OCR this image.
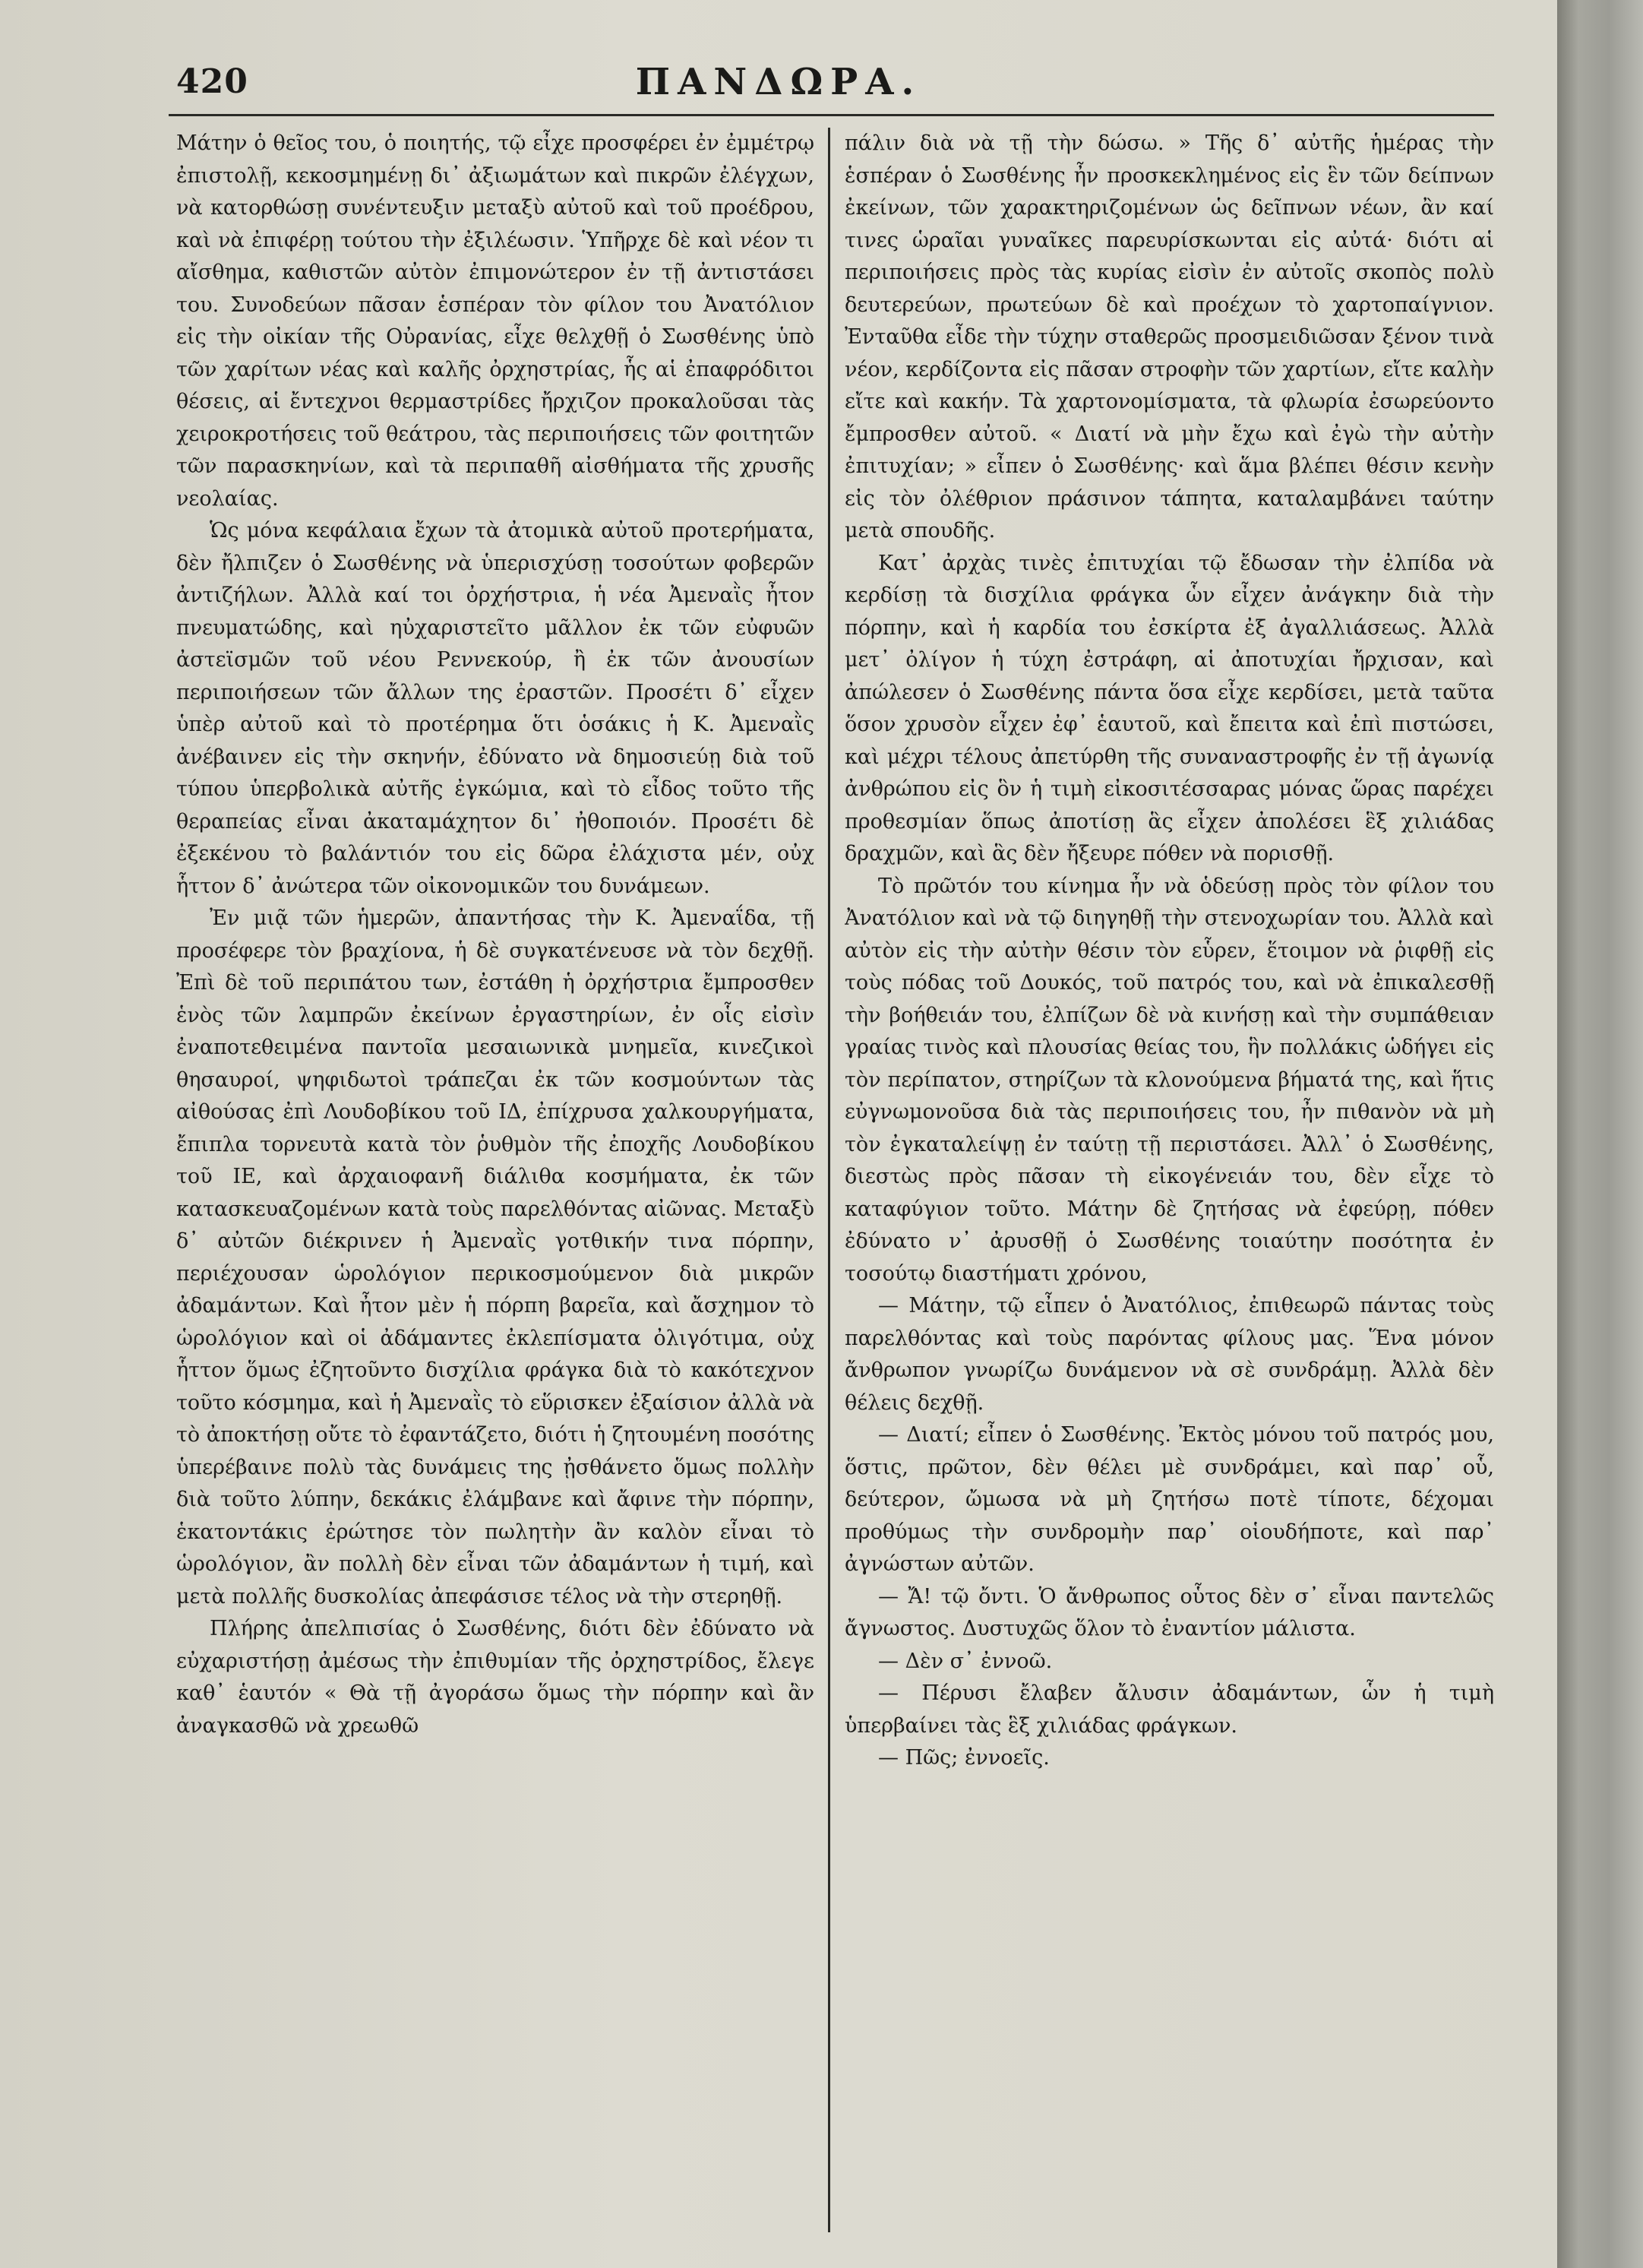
420	ΠΑΝΔΩΡΑ.

Μάτην ὁ θεῖος του, ὁ ποιητής, τῷ εἶχε προσφέρει ἐν ἐμμέτρῳ ἐπιστολῇ, κεκοσμημένῃ δι᾽ ἀξιωμάτων καὶ πικρῶν ἐλέγχων, νὰ κατορθώσῃ συνέντευξιν μεταξὺ αὐτοῦ καὶ τοῦ προέδρου, καὶ νὰ ἐπιφέρῃ τούτου τὴν ἐξιλέωσιν. Ὑπῆρχε δὲ καὶ νέον τι αἴσθημα, καθιστῶν αὐτὸν ἐπιμονώτερον ἐν τῇ ἀντιστάσει του. Συνοδεύων πᾶσαν ἑσπέραν τὸν φίλον του Ἀνατόλιον εἰς τὴν οἰκίαν τῆς Οὐρανίας, εἶχε θελχθῇ ὁ Σωσθένης ὑπὸ τῶν χαρίτων νέας καὶ καλῆς ὀρχηστρίας, ἧς αἱ ἐπαφρόδιτοι θέσεις, αἱ ἔντεχνοι θερμαστρίδες ἤρχιζον προκαλοῦσαι τὰς χειροκροτήσεις τοῦ θεάτρου, τὰς περιποιήσεις τῶν φοιτητῶν τῶν παρασκηνίων, καὶ τὰ περιπαθῆ αἰσθήματα τῆς χρυσῆς νεολαίας.

Ὡς μόνα κεφάλαια ἔχων τὰ ἀτομικὰ αὐτοῦ προτερήματα, δὲν ἤλπιζεν ὁ Σωσθένης νὰ ὑπερισχύσῃ τοσούτων φοβερῶν ἀντιζήλων. Ἀλλὰ καί τοι ὀρχήστρια, ἡ νέα Ἀμεναῒς ἦτον πνευματώδης, καὶ ηὐχαριστεῖτο μᾶλλον ἐκ τῶν εὐφυῶν ἀστεϊσμῶν τοῦ νέου Ρεννεκούρ, ἢ ἐκ τῶν ἀνουσίων περιποιήσεων τῶν ἄλλων της ἐραστῶν. Προσέτι δ᾽ εἶχεν ὑπὲρ αὐτοῦ καὶ τὸ προτέρημα ὅτι ὁσάκις ἡ Κ. Ἀμεναῒς ἀνέβαινεν εἰς τὴν σκηνήν, ἐδύνατο νὰ δημοσιεύῃ διὰ τοῦ τύπου ὑπερβολικὰ αὐτῆς ἐγκώμια, καὶ τὸ εἶδος τοῦτο τῆς θεραπείας εἶναι ἀκαταμάχητον δι᾽ ἠθοποιόν. Προσέτι δὲ ἐξεκένου τὸ βαλάντιόν του εἰς δῶρα ἐλάχιστα μέν, οὐχ ἧττον δ᾽ ἀνώτερα τῶν οἰκονομικῶν του δυνάμεων.

Ἐν μιᾷ τῶν ἡμερῶν, ἀπαντήσας τὴν Κ. Ἀμεναΐδα, τῇ προσέφερε τὸν βραχίονα, ἡ δὲ συγκατένευσε νὰ τὸν δεχθῇ. Ἐπὶ δὲ τοῦ περιπάτου των, ἐστάθη ἡ ὀρχήστρια ἔμπροσθεν ἑνὸς τῶν λαμπρῶν ἐκείνων ἐργαστηρίων, ἐν οἷς εἰσὶν ἐναποτεθειμένα παντοῖα μεσαιωνικὰ μνημεῖα, κινεζικοὶ θησαυροί, ψηφιδωτοὶ τράπεζαι ἐκ τῶν κοσμούντων τὰς αἰθούσας ἐπὶ Λουδοβίκου τοῦ ΙΔ, ἐπίχρυσα χαλκουργήματα, ἔπιπλα τορνευτὰ κατὰ τὸν ῥυθμὸν τῆς ἐποχῆς Λουδοβίκου τοῦ ΙΕ, καὶ ἀρχαιοφανῆ διάλιθα κοσμήματα, ἐκ τῶν κατασκευαζομένων κατὰ τοὺς παρελθόντας αἰῶνας. Μεταξὺ δ᾽ αὐτῶν διέκρινεν ἡ Ἀμεναῒς γοτθικήν τινα πόρπην, περιέχουσαν ὡρολόγιον περικοσμούμενον διὰ μικρῶν ἀδαμάντων. Καὶ ἦτον μὲν ἡ πόρπη βαρεῖα, καὶ ἄσχημον τὸ ὡρολόγιον καὶ οἱ ἀδάμαντες ἐκλεπίσματα ὀλιγότιμα, οὐχ ἧττον ὅμως ἐζητοῦντο δισχίλια φράγκα διὰ τὸ κακότεχνον τοῦτο κόσμημα, καὶ ἡ Ἀμεναῒς τὸ εὕρισκεν ἐξαίσιον ἀλλὰ νὰ τὸ ἀποκτήσῃ οὔτε τὸ ἐφαντάζετο, διότι ἡ ζητουμένη ποσότης ὑπερέβαινε πολὺ τὰς δυνάμεις της ᾐσθάνετο ὅμως πολλὴν διὰ τοῦτο λύπην, δεκάκις ἐλάμβανε καὶ ἄφινε τὴν πόρπην, ἑκατοντάκις ἐρώτησε τὸν πωλητὴν ἂν καλὸν εἶναι τὸ ὡρολόγιον, ἂν πολλὴ δὲν εἶναι τῶν ἀδαμάντων ἡ τιμή, καὶ μετὰ πολλῆς δυσκολίας ἀπεφάσισε τέλος νὰ τὴν στερηθῇ.

Πλήρης ἀπελπισίας ὁ Σωσθένης, διότι δὲν ἐδύνατο νὰ εὐχαριστήσῃ ἀμέσως τὴν ἐπιθυμίαν τῆς ὀρχηστρίδος, ἔλεγε καθ᾽ ἑαυτόν « Θὰ τῇ ἀγοράσω ὅμως τὴν πόρπην καὶ ἂν ἀναγκασθῶ νὰ χρεωθῶ

πάλιν διὰ νὰ τῇ τὴν δώσω. » Τῆς δ᾽ αὐτῆς ἡμέρας τὴν ἑσπέραν ὁ Σωσθένης ἦν προσκεκλημένος εἰς ἓν τῶν δείπνων ἐκείνων, τῶν χαρακτηριζομένων ὡς δεῖπνων νέων, ἂν καί τινες ὡραῖαι γυναῖκες παρευρίσκωνται εἰς αὐτά· διότι αἱ περιποιήσεις πρὸς τὰς κυρίας εἰσὶν ἐν αὐτοῖς σκοπὸς πολὺ δευτερεύων, πρωτεύων δὲ καὶ προέχων τὸ χαρτοπαίγνιον. Ἐνταῦθα εἶδε τὴν τύχην σταθερῶς προσμειδιῶσαν ξένον τινὰ νέον, κερδίζοντα εἰς πᾶσαν στροφὴν τῶν χαρτίων, εἴτε καλὴν εἴτε καὶ κακήν. Τὰ χαρτονομίσματα, τὰ φλωρία ἐσωρεύοντο ἔμπροσθεν αὐτοῦ. « Διατί νὰ μὴν ἔχω καὶ ἐγὼ τὴν αὐτὴν ἐπιτυχίαν; » εἶπεν ὁ Σωσθένης· καὶ ἅμα βλέπει θέσιν κενὴν εἰς τὸν ὀλέθριον πράσινον τάπητα, καταλαμβάνει ταύτην μετὰ σπουδῆς.

Κατ᾽ ἀρχὰς τινὲς ἐπιτυχίαι τῷ ἔδωσαν τὴν ἐλπίδα νὰ κερδίσῃ τὰ δισχίλια φράγκα ὧν εἶχεν ἀνάγκην διὰ τὴν πόρπην, καὶ ἡ καρδία του ἐσκίρτα ἐξ ἀγαλλιάσεως. Ἀλλὰ μετ᾽ ὀλίγον ἡ τύχη ἐστράφη, αἱ ἀποτυχίαι ἤρχισαν, καὶ ἀπώλεσεν ὁ Σωσθένης πάντα ὅσα εἶχε κερδίσει, μετὰ ταῦτα ὅσον χρυσὸν εἶχεν ἐφ᾽ ἑαυτοῦ, καὶ ἔπειτα καὶ ἐπὶ πιστώσει, καὶ μέχρι τέλους ἀπετύρθη τῆς συναναστροφῆς ἐν τῇ ἀγωνίᾳ ἀνθρώπου εἰς ὃν ἡ τιμὴ εἰκοσιτέσσαρας μόνας ὥρας παρέχει προθεσμίαν ὅπως ἀποτίσῃ ἃς εἶχεν ἀπολέσει ἓξ χιλιάδας δραχμῶν, καὶ ἃς δὲν ἤξευρε πόθεν νὰ πορισθῇ.

Τὸ πρῶτόν του κίνημα ἦν νὰ ὁδεύσῃ πρὸς τὸν φίλον του Ἀνατόλιον καὶ νὰ τῷ διηγηθῇ τὴν στενοχωρίαν του. Ἀλλὰ καὶ αὐτὸν εἰς τὴν αὐτὴν θέσιν τὸν εὗρεν, ἕτοιμον νὰ ῥιφθῇ εἰς τοὺς πόδας τοῦ Δουκός, τοῦ πατρός του, καὶ νὰ ἐπικαλεσθῇ τὴν βοήθειάν του, ἐλπίζων δὲ νὰ κινήσῃ καὶ τὴν συμπάθειαν γραίας τινὸς καὶ πλουσίας θείας του, ἣν πολλάκις ὡδήγει εἰς τὸν περίπατον, στηρίζων τὰ κλονούμενα βήματά της, καὶ ἥτις εὐγνωμονοῦσα διὰ τὰς περιποιήσεις του, ἦν πιθανὸν νὰ μὴ τὸν ἐγκαταλείψῃ ἐν ταύτῃ τῇ περιστάσει. Ἀλλ᾽ ὁ Σωσθένης, διεστὼς πρὸς πᾶσαν τὴ εἰκογένειάν του, δὲν εἶχε τὸ καταφύγιον τοῦτο. Μάτην δὲ ζητήσας νὰ ἐφεύρῃ, πόθεν ἐδύνατο ν᾽ ἀρυσθῇ ὁ Σωσθένης τοιαύτην ποσότητα ἐν τοσούτῳ διαστήματι χρόνου,

— Μάτην, τῷ εἶπεν ὁ Ἀνατόλιος, ἐπιθεωρῶ πάντας τοὺς παρελθόντας καὶ τοὺς παρόντας φίλους μας. Ἕνα μόνον ἄνθρωπον γνωρίζω δυνάμενον νὰ σὲ συνδράμῃ. Ἀλλὰ δὲν θέλεις δεχθῇ.

— Διατί; εἶπεν ὁ Σωσθένης. Ἐκτὸς μόνου τοῦ πατρός μου, ὅστις, πρῶτον, δὲν θέλει μὲ συνδράμει, καὶ παρ᾽ οὗ, δεύτερον, ὤμωσα νὰ μὴ ζητήσω ποτὲ τίποτε, δέχομαι προθύμως τὴν συνδρομὴν παρ᾽ οἱουδήποτε, καὶ παρ᾽ ἀγνώστων αὐτῶν.

— Ἄ! τῷ ὄντι. Ὁ ἄνθρωπος οὗτος δὲν σ᾽ εἶναι παντελῶς ἄγνωστος. Δυστυχῶς ὅλον τὸ ἐναντίον μάλιστα.

— Δὲν σ᾽ ἐννοῶ.

— Πέρυσι ἔλαβεν ἄλυσιν ἀδαμάντων, ὧν ἡ τιμὴ ὑπερβαίνει τὰς ἓξ χιλιάδας φράγκων.

— Πῶς; ἐννοεῖς.
